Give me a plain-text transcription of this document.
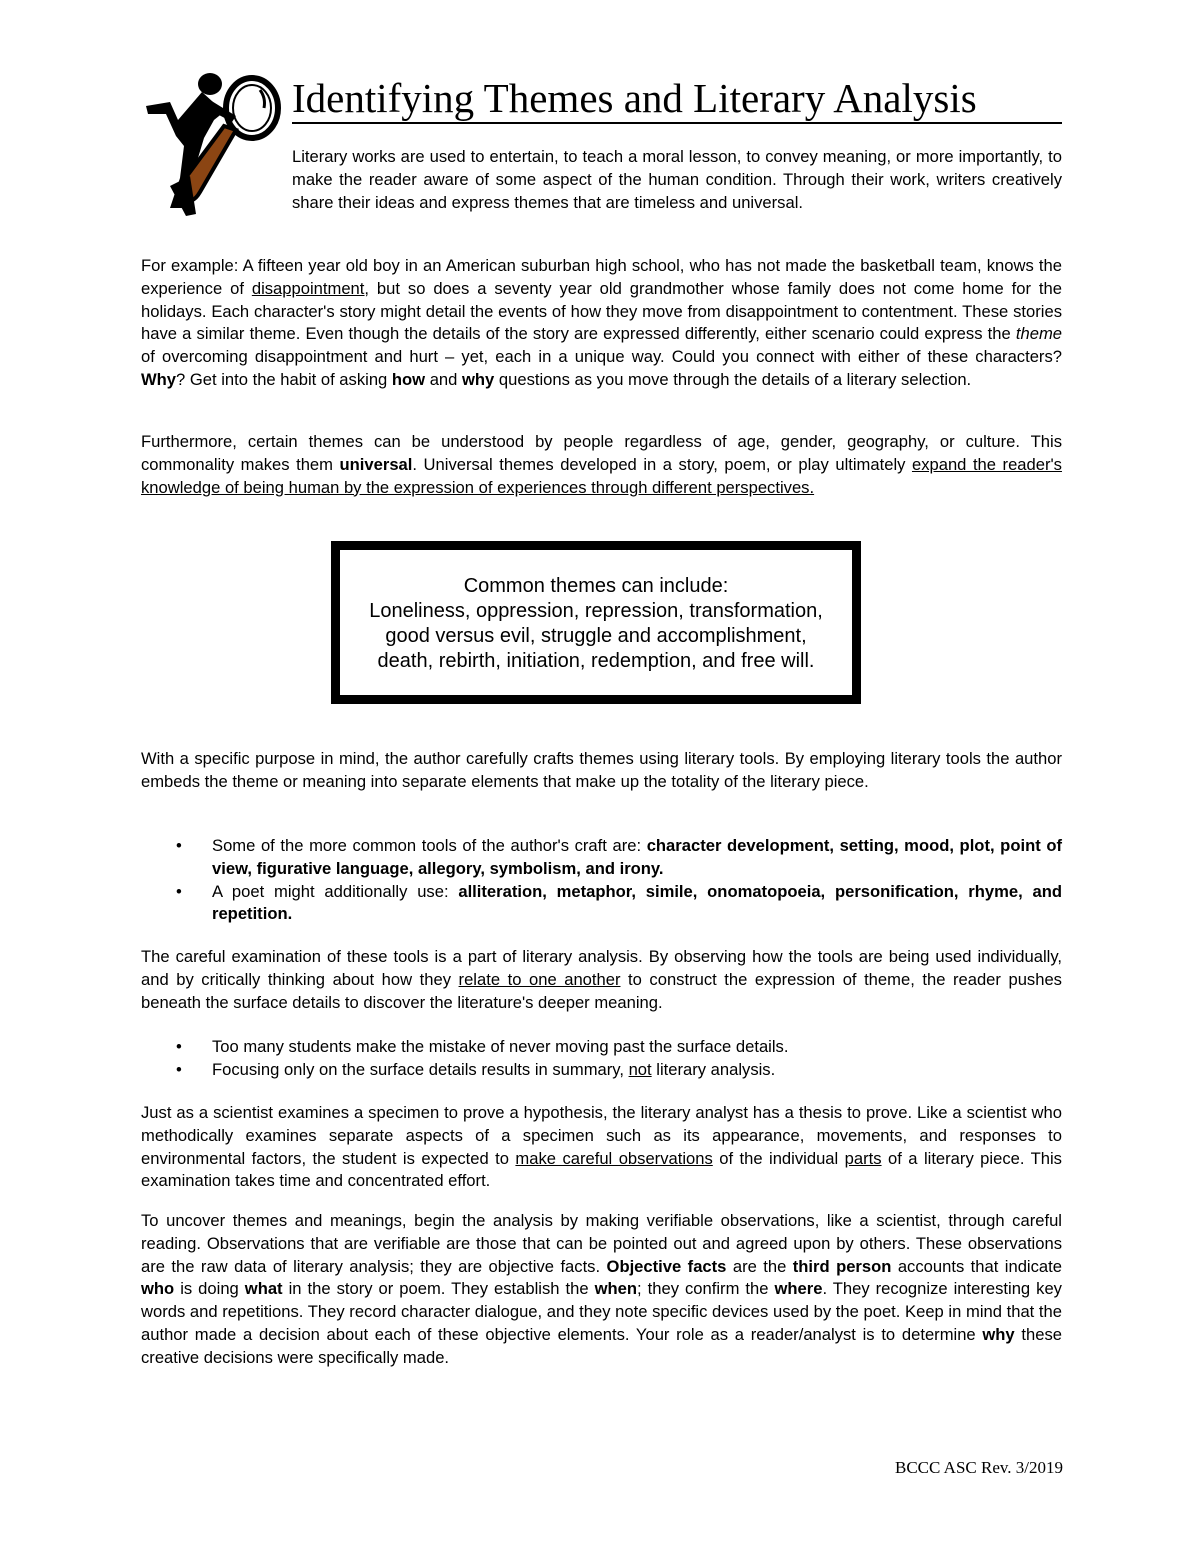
Identifying Themes and Literary Analysis

Literary works are used to entertain, to teach a moral lesson, to convey meaning, or more importantly, to make the reader aware of some aspect of the human condition. Through their work, writers creatively share their ideas and express themes that are timeless and universal.

For example: A fifteen year old boy in an American suburban high school, who has not made the basketball team, knows the experience of disappointment, but so does a seventy year old grandmother whose family does not come home for the holidays. Each character's story might detail the events of how they move from disappointment to contentment. These stories have a similar theme. Even though the details of the story are expressed differently, either scenario could express the theme of overcoming disappointment and hurt – yet, each in a unique way. Could you connect with either of these characters? Why? Get into the habit of asking how and why questions as you move through the details of a literary selection.

Furthermore, certain themes can be understood by people regardless of age, gender, geography, or culture. This commonality makes them universal. Universal themes developed in a story, poem, or play ultimately expand the reader's knowledge of being human by the expression of experiences through different perspectives.

Common themes can include:
Loneliness, oppression, repression, transformation,
good versus evil, struggle and accomplishment,
death, rebirth, initiation, redemption, and free will.

With a specific purpose in mind, the author carefully crafts themes using literary tools. By employing literary tools the author embeds the theme or meaning into separate elements that make up the totality of the literary piece.

• Some of the more common tools of the author's craft are: character development, setting, mood, plot, point of view, figurative language, allegory, symbolism, and irony.
• A poet might additionally use: alliteration, metaphor, simile, onomatopoeia, personification, rhyme, and repetition.

The careful examination of these tools is a part of literary analysis. By observing how the tools are being used individually, and by critically thinking about how they relate to one another to construct the expression of theme, the reader pushes beneath the surface details to discover the literature's deeper meaning.

• Too many students make the mistake of never moving past the surface details.
• Focusing only on the surface details results in summary, not literary analysis.

Just as a scientist examines a specimen to prove a hypothesis, the literary analyst has a thesis to prove. Like a scientist who methodically examines separate aspects of a specimen such as its appearance, movements, and responses to environmental factors, the student is expected to make careful observations of the individual parts of a literary piece. This examination takes time and concentrated effort.

To uncover themes and meanings, begin the analysis by making verifiable observations, like a scientist, through careful reading. Observations that are verifiable are those that can be pointed out and agreed upon by others. These observations are the raw data of literary analysis; they are objective facts. Objective facts are the third person accounts that indicate who is doing what in the story or poem. They establish the when; they confirm the where. They recognize interesting key words and repetitions. They record character dialogue, and they note specific devices used by the poet. Keep in mind that the author made a decision about each of these objective elements. Your role as a reader/analyst is to determine why these creative decisions were specifically made.

BCCC ASC Rev. 3/2019
